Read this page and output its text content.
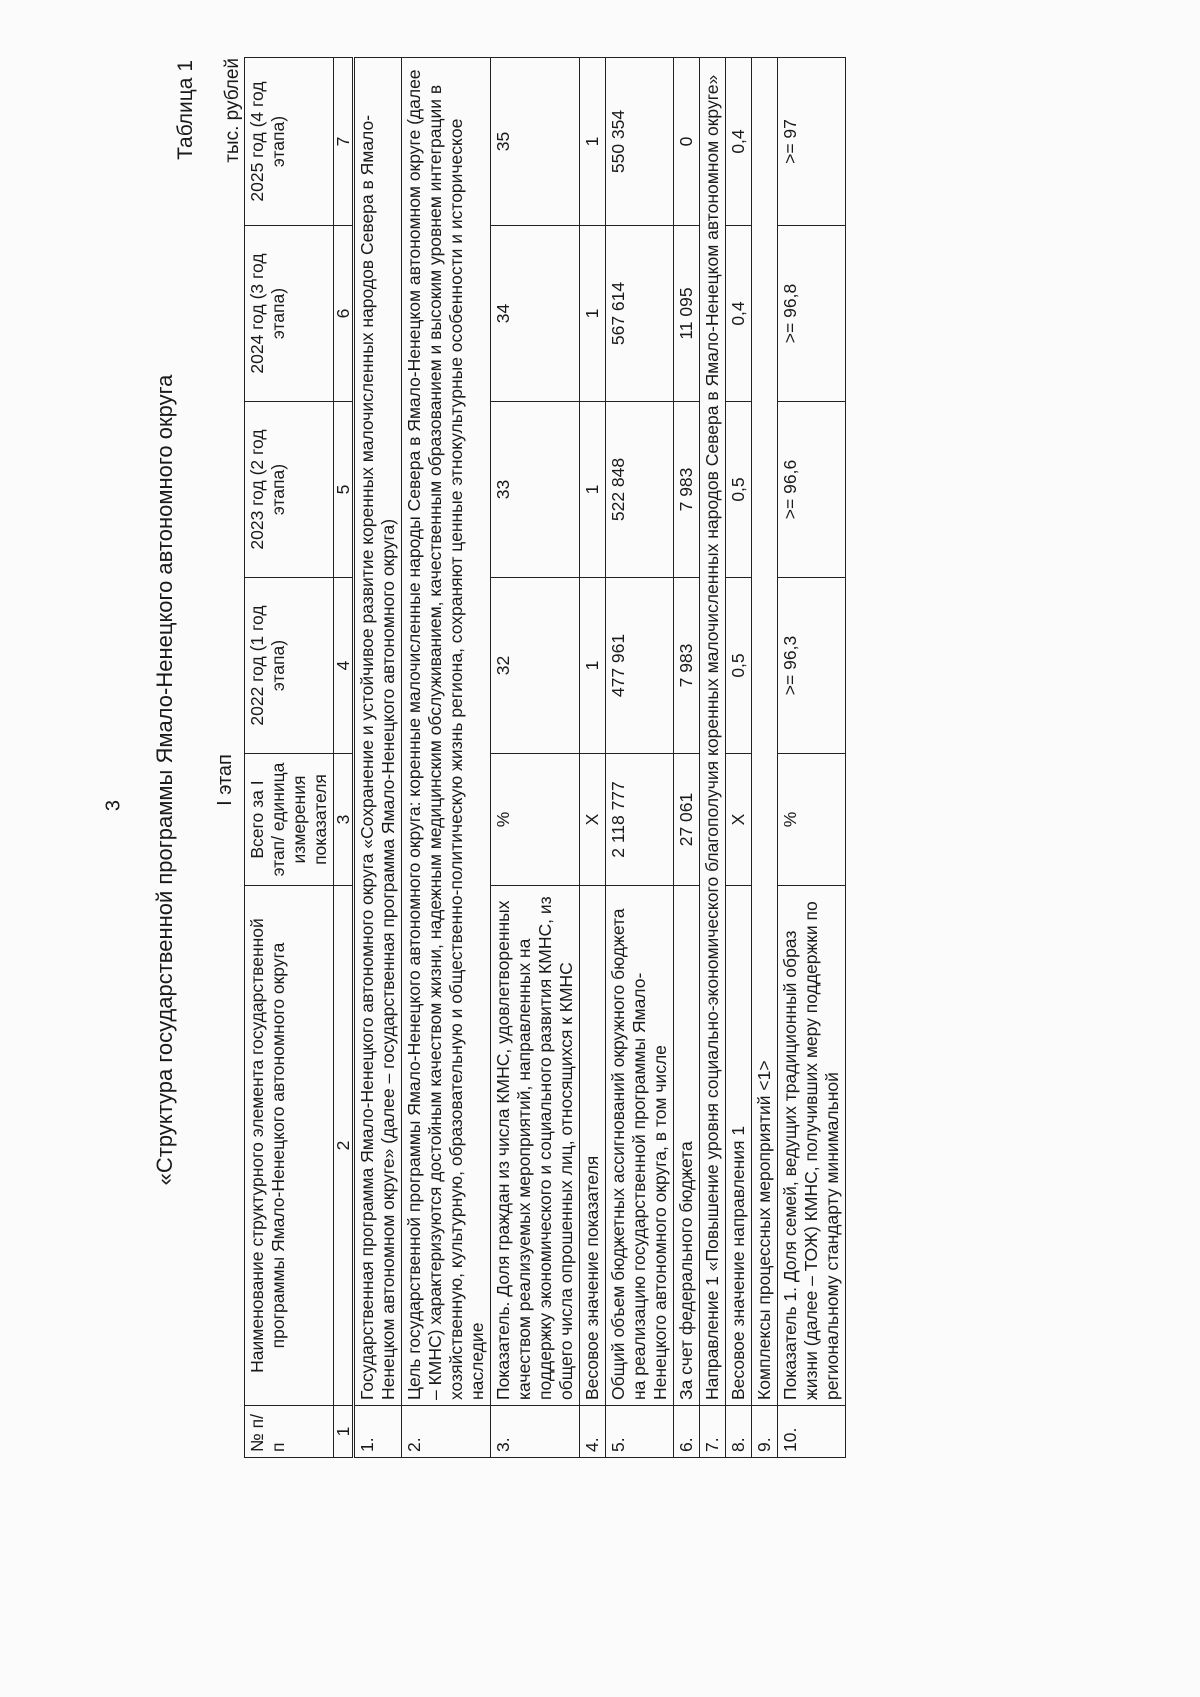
3 «Структура государственной программы Ямало-Ненецкого автономного округа
Таблица 1
I этап
тыс. рублей
№ п/п	Наименование структурного элемента государственной программы Ямало-Ненецкого автономного округа	Всего за I этап/ единица измерения показателя	2022 год (1 год этапа)	2023 год (2 год этапа)	2024 год (3 год этапа)	2025 год (4 год этапа)
1	2	3	4	5	6	7
1.	Государственная программа Ямало-Ненецкого автономного округа «Сохранение и устойчивое развитие коренных малочисленных народов Севера в Ямало-Ненецком автономном округе» (далее – государственная программа Ямало-Ненецкого автономного округа)					
2.	Цель государственной программы Ямало-Ненецкого автономного округа: коренные малочисленные народы Севера в Ямало-Ненецком автономном округе (далее – КМНС) характеризуются достойным качеством жизни, надежным медицинским обслуживанием, качественным образованием и высоким уровнем интеграции в хозяйственную, культурную, образовательную и общественно-политическую жизнь региона, сохраняют ценные этнокультурные особенности и историческое наследие					
3.	Показатель. Доля граждан из числа КМНС, удовлетворенных качеством реализуемых мероприятий, направленных на поддержку экономического и социального развития КМНС, из общего числа опрошенных лиц, относящихся к КМНС	%	32	33	34	35
4.	Весовое значение показателя	Х	1	1	1	1
5.	Общий объем бюджетных ассигнований окружного бюджета на реализацию государственной программы Ямало-Ненецкого автономного округа, в том числе	2 118 777	477 961	522 848	567 614	550 354
6.	За счет федерального бюджета	27 061	7 983	7 983	11 095	0
7.	Направление 1 «Повышение уровня социально-экономического благополучия коренных малочисленных народов Севера в Ямало-Ненецком автономном округе»					
8.	Весовое значение направления 1	Х	0,5	0,5	0,4	0,4
9.	Комплексы процессных мероприятий <1>					
10.	Показатель 1. Доля семей, ведущих традиционный образ жизни (далее – ТОЖ) КМНС, получивших меру поддержки по региональному стандарту минимальной	%	>= 96,3	>= 96,6	>= 96,8	>= 97
